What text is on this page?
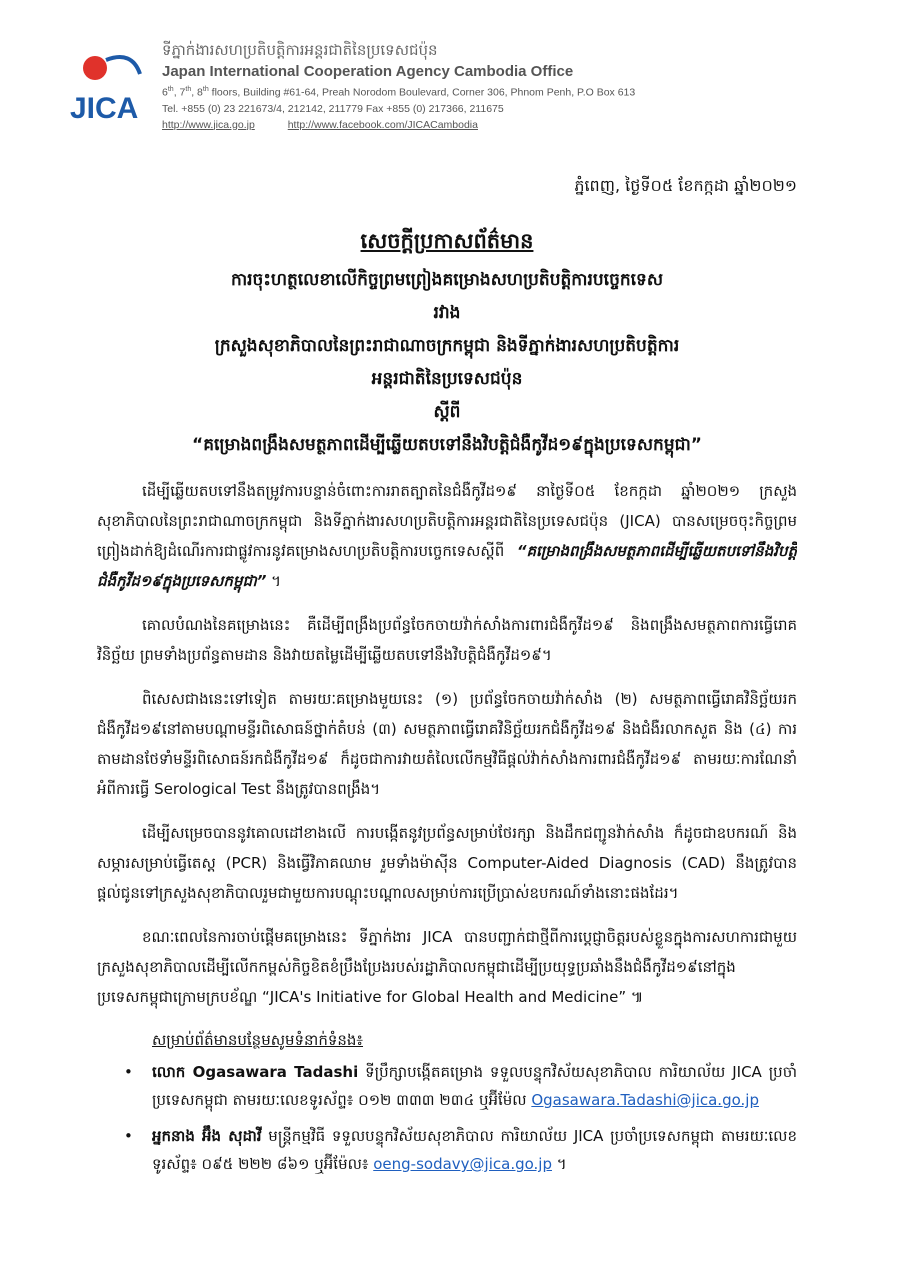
JICA
ទីភ្នាក់ងារសហប្រតិបត្តិការអន្តរជាតិនៃប្រទេសជប៉ុន
Japan International Cooperation Agency Cambodia Office
6th, 7th, 8th floors, Building #61-64, Preah Norodom Boulevard, Corner 306, Phnom Penh, P.O Box 613
Tel. +855 (0) 23 221673/4, 212142, 211779 Fax +855 (0) 217366, 211675
http://www.jica.go.jp	http://www.facebook.com/JICACambodia
ភ្នំពេញ, ថ្ងៃទី០៥ ខែកក្កដា ឆ្នាំ២០២១
សេចក្តីប្រកាសព័ត៌មាន
ការចុះហត្ថលេខាលើកិច្ចព្រមព្រៀងគម្រោងសហប្រតិបត្តិការបច្ចេកទេស
រវាង
ក្រសួងសុខាភិបាលនៃព្រះរាជាណាចក្រកម្ពុជា និងទីភ្នាក់ងារសហប្រតិបត្តិការ
អន្តរជាតិនៃប្រទេសជប៉ុន
ស្តីពី
“គម្រោងពង្រឹងសមត្ថភាពដើម្បីឆ្លើយតបទៅនឹងវិបត្តិជំងឺកូវីដ១៩ក្នុងប្រទេសកម្ពុជា”

ដើម្បីឆ្លើយតបទៅនឹងតម្រូវការបន្ទាន់ចំពោះការរាតត្បាតនៃជំងឺកូវីដ១៩ នាថ្ងៃទី០៥ ខែកក្កដា ឆ្នាំ២០២១ ក្រសួងសុខាភិបាលនៃព្រះរាជាណាចក្រកម្ពុជា និងទីភ្នាក់ងារសហប្រតិបត្តិការអន្តរជាតិនៃប្រទេសជប៉ុន (JICA) បានសម្រេចចុះកិច្ចព្រមព្រៀងដាក់ឱ្យដំណើរការជាផ្លូវការនូវគម្រោងសហប្រតិបត្តិការបច្ចេកទេសស្តីពី “គម្រោងពង្រឹងសមត្ថភាពដើម្បីឆ្លើយតបទៅនឹងវិបត្តិជំងឺកូវីដ១៩ក្នុងប្រទេសកម្ពុជា” ។

គោលបំណងនៃគម្រោងនេះ គឺដើម្បីពង្រឹងប្រព័ន្ធចែកចាយវ៉ាក់សាំងការពារជំងឺកូវីដ១៩ និងពង្រឹងសមត្ថភាពការធ្វើរោគវិនិច្ឆ័យ ព្រមទាំងប្រព័ន្ធតាមដាន និងវាយតម្លៃដើម្បីឆ្លើយតបទៅនឹងវិបត្តិជំងឺកូវីដ១៩។

ពិសេសជាងនេះទៅទៀត តាមរយៈគម្រោងមួយនេះ (១) ប្រព័ន្ធចែកចាយវ៉ាក់សាំង (២) សមត្ថភាពធ្វើរោគវិនិច្ឆ័យរកជំងឺកូវីដ១៩នៅតាមបណ្តាមន្ទីរពិសោធន៍ថ្នាក់តំបន់ (៣) សមត្ថភាពធ្វើរោគវិនិច្ឆ័យរកជំងឺកូវីដ១៩ និងជំងឺរលាកសួត និង (៤) ការតាមដានថែទាំមន្ទីរពិសោធន៍រកជំងឺកូវីដ១៩ ក៏ដូចជាការវាយតំលៃលើកម្មវិធីផ្តល់វ៉ាក់សាំងការពារជំងឺកូវីដ១៩ តាមរយៈការណែនាំអំពីការធ្វើ Serological Test នឹងត្រូវបានពង្រឹង។

ដើម្បីសម្រេចបាននូវគោលដៅខាងលើ ការបង្កើតនូវប្រព័ន្ធសម្រាប់ថែរក្សា និងដឹកជញ្ជូនវ៉ាក់សាំង ក៏ដូចជាឧបករណ៍ និងសម្ភារសម្រាប់ធ្វើតេស្ត (PCR) និងធ្វើវិភាគឈាម រួមទាំងម៉ាស៊ីន Computer-Aided Diagnosis (CAD) នឹងត្រូវបានផ្តល់ជូនទៅក្រសួងសុខាភិបាលរួមជាមួយការបណ្តុះបណ្តាលសម្រាប់ការប្រើប្រាស់ឧបករណ៍ទាំងនោះផងដែរ។

ខណៈពេលនៃការចាប់ផ្តើមគម្រោងនេះ ទីភ្នាក់ងារ JICA បានបញ្ជាក់ជាថ្មីពីការប្តេជ្ញាចិត្តរបស់ខ្លួនក្នុងការសហការជាមួយក្រសួងសុខាភិបាលដើម្បីលើកកម្ពស់កិច្ចខិតខំប្រឹងប្រែងរបស់រដ្ឋាភិបាលកម្ពុជាដើម្បីប្រយុទ្ធប្រឆាំងនឹងជំងឺកូវីដ១៩នៅក្នុងប្រទេសកម្ពុជាក្រោមក្របខ័ណ្ឌ “JICA's Initiative for Global Health and Medicine” ៕

សម្រាប់ព័ត៌មានបន្ថែមសូមទំនាក់ទំនង៖
• លោក Ogasawara Tadashi ទីប្រឹក្សាបង្កើតគម្រោង ទទួលបន្ទុកវិស័យសុខាភិបាល ការិយាល័យ JICA ប្រចាំប្រទេសកម្ពុជា តាមរយៈលេខទូរស័ព្ទ៖ ០១២ ៣៣៣ ២៣៤ ឬអ៊ីម៉ែល Ogasawara.Tadashi@jica.go.jp
• អ្នកនាង អ៊ឹង សុដាវី មន្ត្រីកម្មវិធី ទទួលបន្ទុកវិស័យសុខាភិបាល ការិយាល័យ JICA ប្រចាំប្រទេសកម្ពុជា តាមរយៈលេខទូរស័ព្ទ៖ ០៩៥ ២២២ ៨៦១ ឬអ៊ីម៉ែល៖ oeng-sodavy@jica.go.jp ។
